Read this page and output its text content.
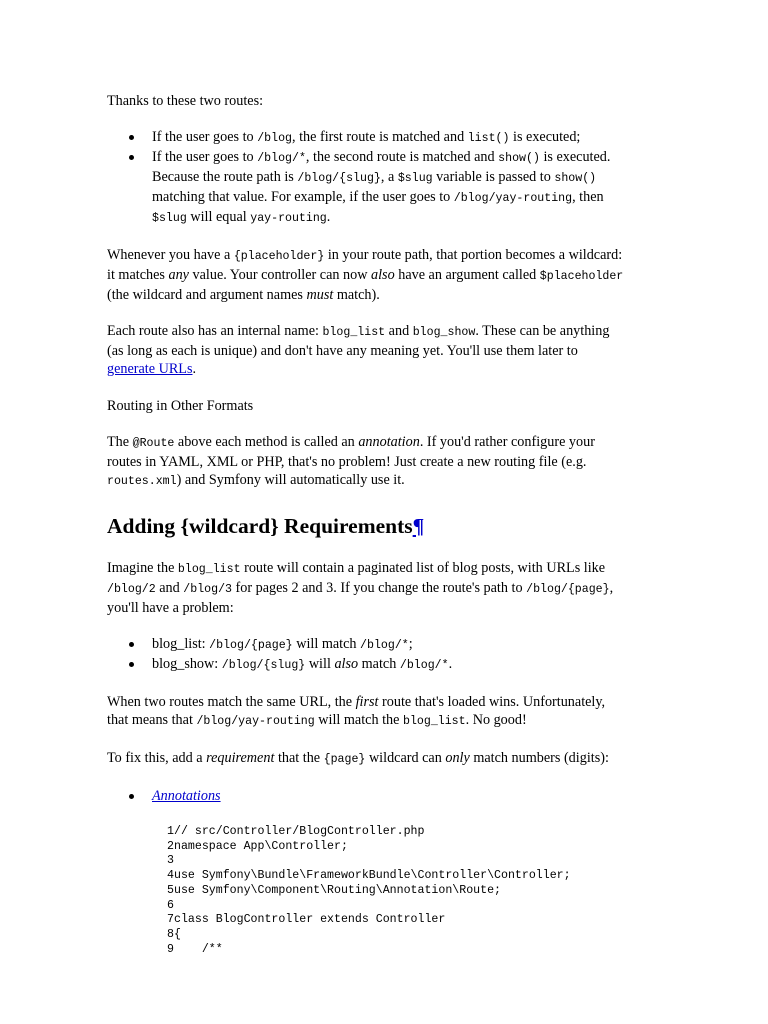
Thanks to these two routes:

If the user goes to /blog, the first route is matched and list() is executed;
If the user goes to /blog/*, the second route is matched and show() is executed.
Because the route path is /blog/{slug}, a $slug variable is passed to show()
matching that value. For example, if the user goes to /blog/yay-routing, then
$slug will equal yay-routing.

Whenever you have a {placeholder} in your route path, that portion becomes a wildcard:
it matches any value. Your controller can now also have an argument called $placeholder
(the wildcard and argument names must match).

Each route also has an internal name: blog_list and blog_show. These can be anything
(as long as each is unique) and don't have any meaning yet. You'll use them later to
generate URLs.

Routing in Other Formats

The @Route above each method is called an annotation. If you'd rather configure your
routes in YAML, XML or PHP, that's no problem! Just create a new routing file (e.g.
routes.xml) and Symfony will automatically use it.

Adding {wildcard} Requirements¶

Imagine the blog_list route will contain a paginated list of blog posts, with URLs like
/blog/2 and /blog/3 for pages 2 and 3. If you change the route's path to /blog/{page},
you'll have a problem:

blog_list: /blog/{page} will match /blog/*;
blog_show: /blog/{slug} will also match /blog/*.

When two routes match the same URL, the first route that's loaded wins. Unfortunately,
that means that /blog/yay-routing will match the blog_list. No good!

To fix this, add a requirement that the {page} wildcard can only match numbers (digits):

Annotations
1// src/Controller/BlogController.php
2namespace App\Controller;
3
4use Symfony\Bundle\FrameworkBundle\Controller\Controller;
5use Symfony\Component\Routing\Annotation\Route;
6
7class BlogController extends Controller
8{
9    /**
